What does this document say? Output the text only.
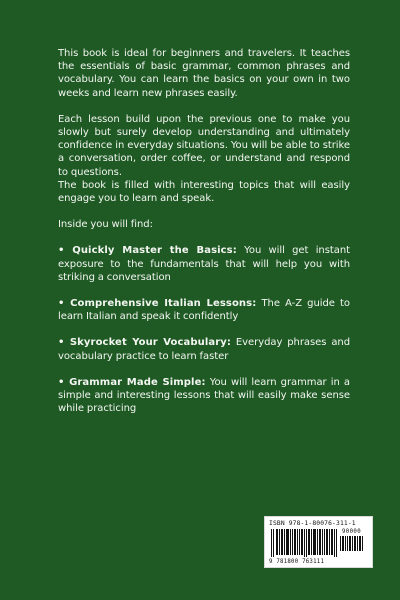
This book is ideal for beginners and travelers. It teaches the essentials of basic grammar, common phrases and vocabulary. You can learn the basics on your own in two weeks and learn new phrases easily.

Each lesson build upon the previous one to make you slowly but surely develop understanding and ultimately confidence in everyday situations. You will be able to strike a conversation, order coffee, or understand and respond to questions.

The book is filled with interesting topics that will easily engage you to learn and speak.

Inside you will find:

• Quickly Master the Basics: You will get instant exposure to the fundamentals that will help you with striking a conversation

• Comprehensive Italian Lessons: The A-Z guide to learn Italian and speak it confidently

• Skyrocket Your Vocabulary: Everyday phrases and vocabulary practice to learn faster

• Grammar Made Simple: You will learn grammar in a simple and interesting lessons that will easily make sense while practicing

ISBN 978-1-80076-311-1
9 781800 763111
90000
